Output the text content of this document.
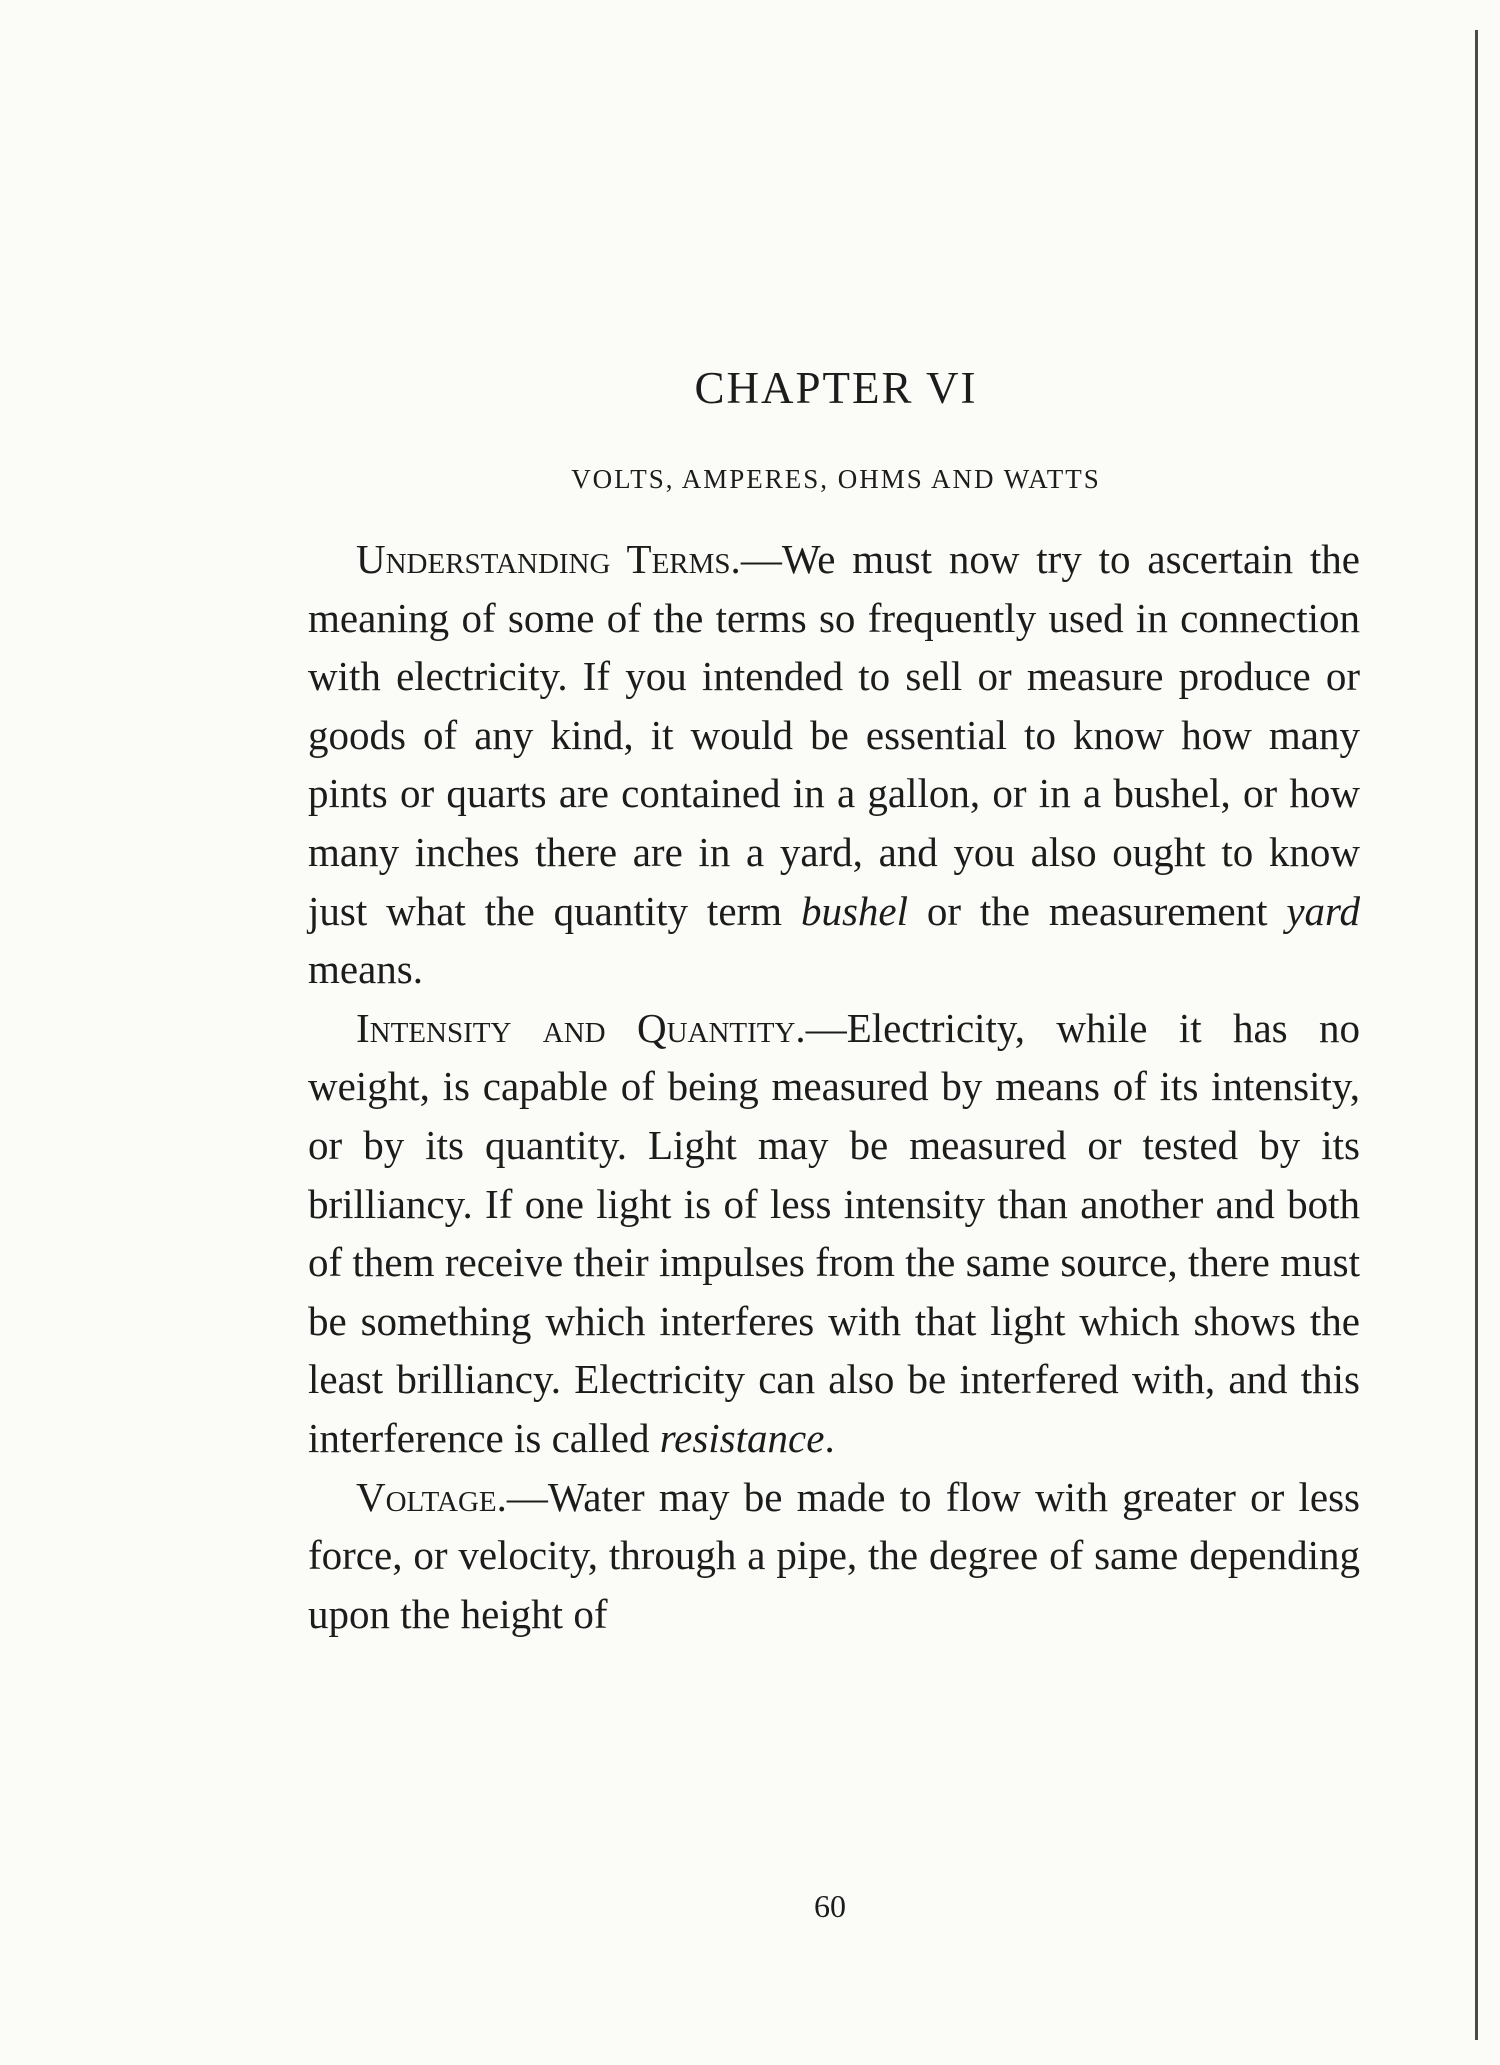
CHAPTER VI
VOLTS, AMPERES, OHMS AND WATTS

Understanding Terms.—We must now try to ascertain the meaning of some of the terms so frequently used in connection with electricity. If you intended to sell or measure produce or goods of any kind, it would be essential to know how many pints or quarts are contained in a gallon, or in a bushel, or how many inches there are in a yard, and you also ought to know just what the quantity term bushel or the measurement yard means.

Intensity and Quantity.—Electricity, while it has no weight, is capable of being measured by means of its intensity, or by its quantity. Light may be measured or tested by its brilliancy. If one light is of less intensity than another and both of them receive their impulses from the same source, there must be something which interferes with that light which shows the least brilliancy. Electricity can also be interfered with, and this interference is called resistance.

Voltage.—Water may be made to flow with greater or less force, or velocity, through a pipe, the degree of same depending upon the height of

60
